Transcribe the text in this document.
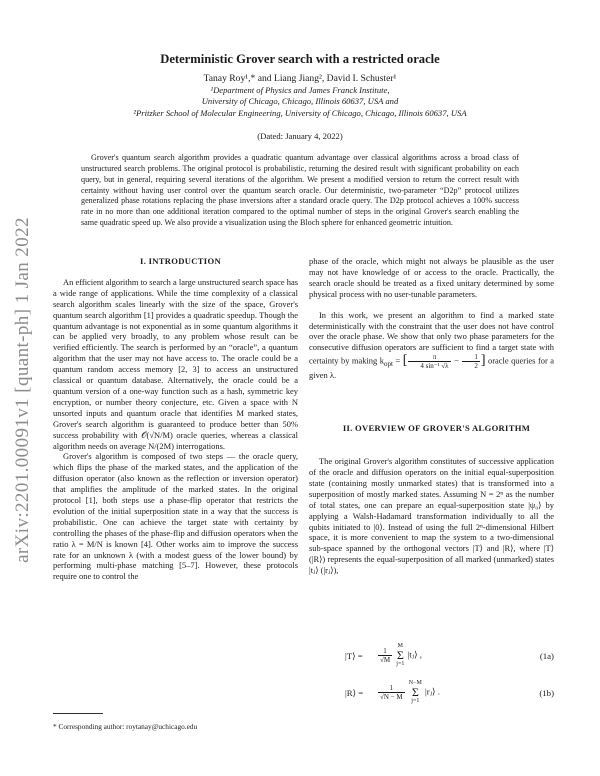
arXiv:2201.00091v1 [quant-ph] 1 Jan 2022
Deterministic Grover search with a restricted oracle
Tanay Roy¹,* and Liang Jiang², David I. Schuster¹
¹Department of Physics and James Franck Institute,
University of Chicago, Chicago, Illinois 60637, USA and
²Pritzker School of Molecular Engineering, University of Chicago, Chicago, Illinois 60637, USA
(Dated: January 4, 2022)
Grover's quantum search algorithm provides a quadratic quantum advantage over classical algorithms across a broad class of unstructured search problems. The original protocol is probabilistic, returning the desired result with significant probability on each query, but in general, requiring several iterations of the algorithm. We present a modified version to return the correct result with certainty without having user control over the quantum search oracle. Our deterministic, two-parameter “D2p” protocol utilizes generalized phase rotations replacing the phase inversions after a standard oracle query. The D2p protocol achieves a 100% success rate in no more than one additional iteration compared to the optimal number of steps in the original Grover's search enabling the same quadratic speed up. We also provide a visualization using the Bloch sphere for enhanced geometric intuition.

I. INTRODUCTION

An efficient algorithm to search a large unstructured search space has a wide range of applications. While the time complexity of a classical search algorithm scales linearly with the size of the space, Grover's quantum search algorithm [1] provides a quadratic speedup. Though the quantum advantage is not exponential as in some quantum algorithms it can be applied very broadly, to any problem whose result can be verified efficiently. The search is performed by an “oracle”, a quantum algorithm that the user may not have access to. The oracle could be a quantum random access memory [2, 3] to access an unstructured classical or quantum database. Alternatively, the oracle could be a quantum version of a one-way function such as a hash, symmetric key encryption, or number theory conjecture, etc. Given a space with N unsorted inputs and quantum oracle that identifies M marked states, Grover's search algorithm is guaranteed to produce better than 50% success probability with 𝒪(√N/M) oracle queries, whereas a classical algorithm needs on average N/(2M) interrogations.

Grover's algorithm is composed of two steps — the oracle query, which flips the phase of the marked states, and the application of the diffusion operator (also known as the reflection or inversion operator) that amplifies the amplitude of the marked states. In the original protocol [1], both steps use a phase-flip operator that restricts the evolution of the initial superposition state in a way that the success is probabilistic. One can achieve the target state with certainty by controlling the phases of the phase-flip and diffusion operators when the ratio λ = M/N is known [4]. Other works aim to improve the success rate for an unknown λ (with a modest guess of the lower bound) by performing multi-phase matching [5–7]. However, these protocols require one to control the

phase of the oracle, which might not always be plausible as the user may not have knowledge of or access to the oracle. Practically, the search oracle should be treated as a fixed unitary determined by some physical process with no user-tunable parameters.

In this work, we present an algorithm to find a marked state deterministically with the constraint that the user does not have control over the oracle phase. We show that only two phase parameters for the consecutive diffusion operators are sufficient to find a target state with certainty by making $k_{opt}$ = [ $\frac{\pi}{\text{4 sin⁻¹ √λ}} - \frac{1}{2}$ ] oracle queries for a given λ.

II. OVERVIEW OF GROVER'S ALGORITHM

The original Grover's algorithm constitutes of successive application of the oracle and diffusion operators on the initial equal-superposition state (containing mostly unmarked states) that is transformed into a superposition of mostly marked states. Assuming N = 2ⁿ as the number of total states, one can prepare an equal-superposition state |ψ₀⟩ by applying a Walsh-Hadamard transformation individually to all the qubits initiated to |0⟩. Instead of using the full 2ⁿ-dimensional Hilbert space, it is more convenient to map the system to a two-dimensional sub-space spanned by the orthogonal vectors |T⟩ and |R⟩, where |T⟩ (|R⟩) represents the equal-superposition of all marked (unmarked) states |tⱼ⟩ (|rⱼ⟩),

|T⟩ = $\frac{1}{√M}$

M
Σ
j=1
|tⱼ⟩ ,	(1a)
|R⟩ = $\frac{1}{√N - M}$

N−M
Σ
j=1
|rⱼ⟩ .	(1b)
* Corresponding author: roytanay@uchicago.edu
